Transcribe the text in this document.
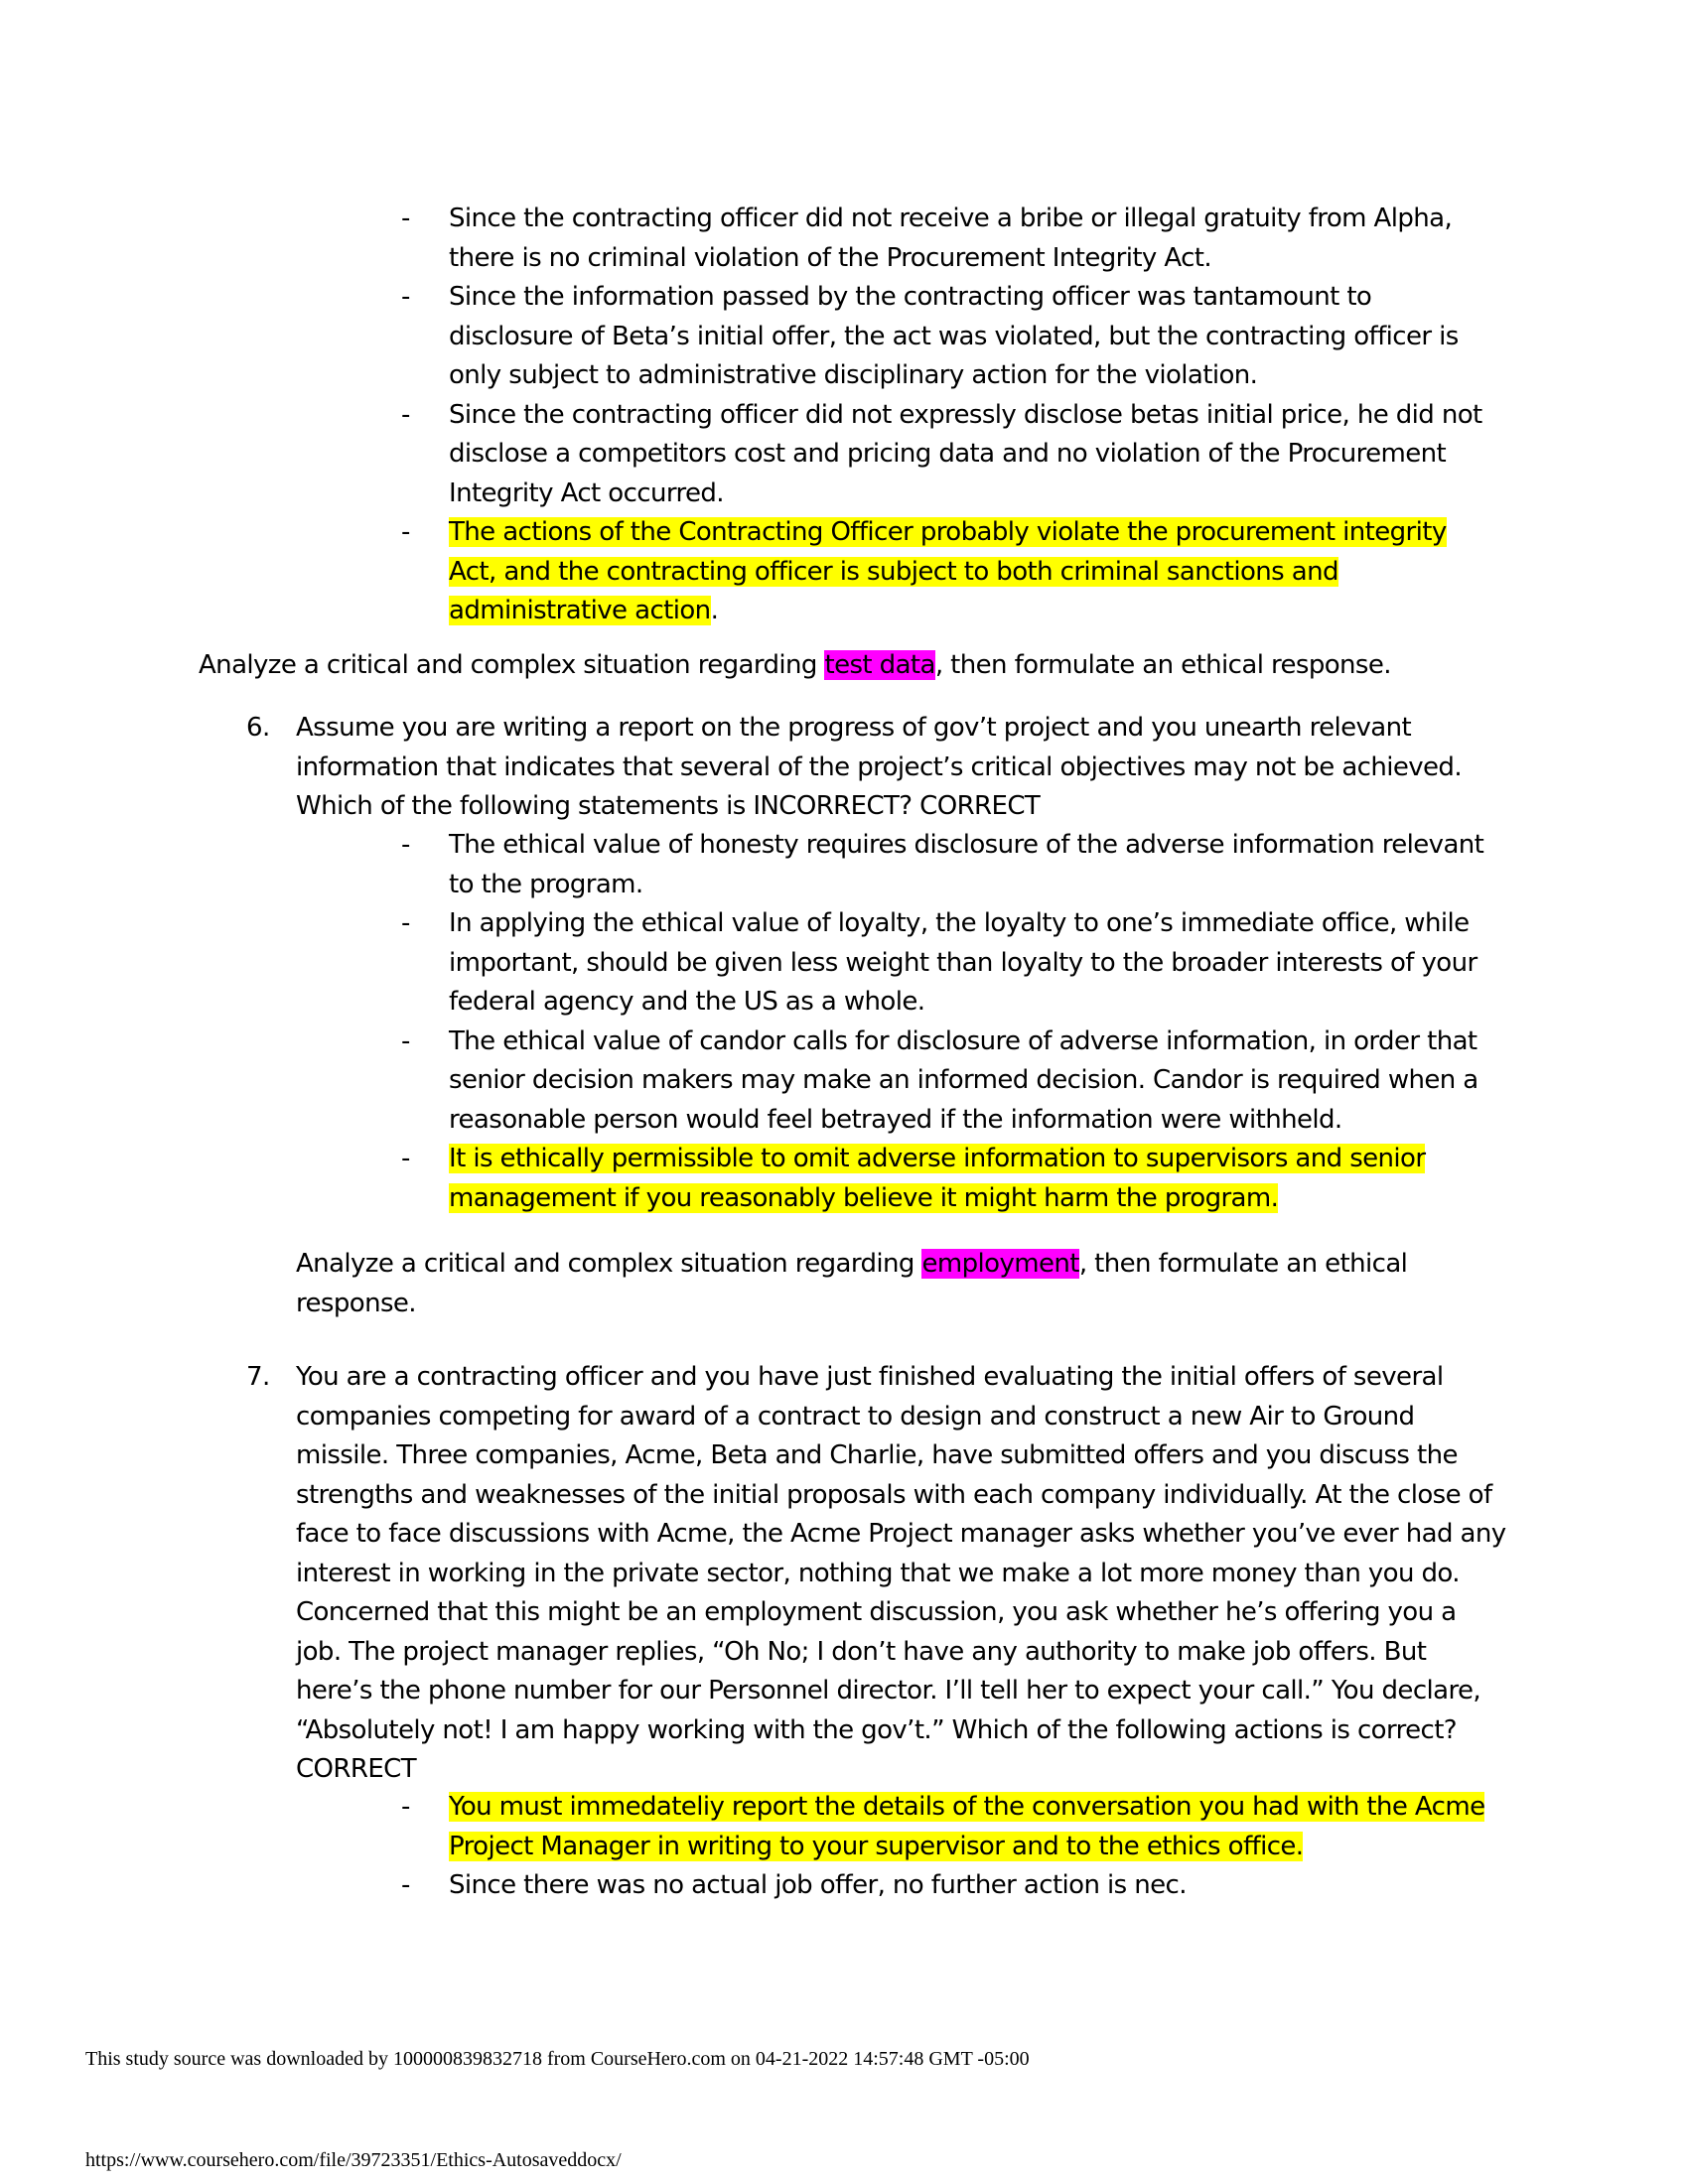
- Since the contracting officer did not receive a bribe or illegal gratuity from Alpha, there is no criminal violation of the Procurement Integrity Act.
- Since the information passed by the contracting officer was tantamount to disclosure of Beta’s initial offer, the act was violated, but the contracting officer is only subject to administrative disciplinary action for the violation.
- Since the contracting officer did not expressly disclose betas initial price, he did not disclose a competitors cost and pricing data and no violation of the Procurement Integrity Act occurred.
- The actions of the Contracting Officer probably violate the procurement integrity Act, and the contracting officer is subject to both criminal sanctions and administrative action.

Analyze a critical and complex situation regarding test data, then formulate an ethical response.

6. Assume you are writing a report on the progress of gov’t project and you unearth relevant information that indicates that several of the project’s critical objectives may not be achieved. Which of the following statements is INCORRECT? CORRECT

- The ethical value of honesty requires disclosure of the adverse information relevant to the program.
- In applying the ethical value of loyalty, the loyalty to one’s immediate office, while important, should be given less weight than loyalty to the broader interests of your federal agency and the US as a whole.
- The ethical value of candor calls for disclosure of adverse information, in order that senior decision makers may make an informed decision. Candor is required when a reasonable person would feel betrayed if the information were withheld.
- It is ethically permissible to omit adverse information to supervisors and senior management if you reasonably believe it might harm the program.

Analyze a critical and complex situation regarding employment, then formulate an ethical response.

7. You are a contracting officer and you have just finished evaluating the initial offers of several companies competing for award of a contract to design and construct a new Air to Ground missile. Three companies, Acme, Beta and Charlie, have submitted offers and you discuss the strengths and weaknesses of the initial proposals with each company individually. At the close of face to face discussions with Acme, the Acme Project manager asks whether you’ve ever had any interest in working in the private sector, nothing that we make a lot more money than you do. Concerned that this might be an employment discussion, you ask whether he’s offering you a job. The project manager replies, “Oh No; I don’t have any authority to make job offers. But here’s the phone number for our Personnel director. I’ll tell her to expect your call.” You declare, “Absolutely not! I am happy working with the gov’t.” Which of the following actions is correct? CORRECT

- You must immedateliy report the details of the conversation you had with the Acme Project Manager in writing to your supervisor and to the ethics office.
- Since there was no actual job offer, no further action is nec.
This study source was downloaded by 100000839832718 from CourseHero.com on 04-21-2022 14:57:48 GMT -05:00
https://www.coursehero.com/file/39723351/Ethics-Autosaveddocx/
